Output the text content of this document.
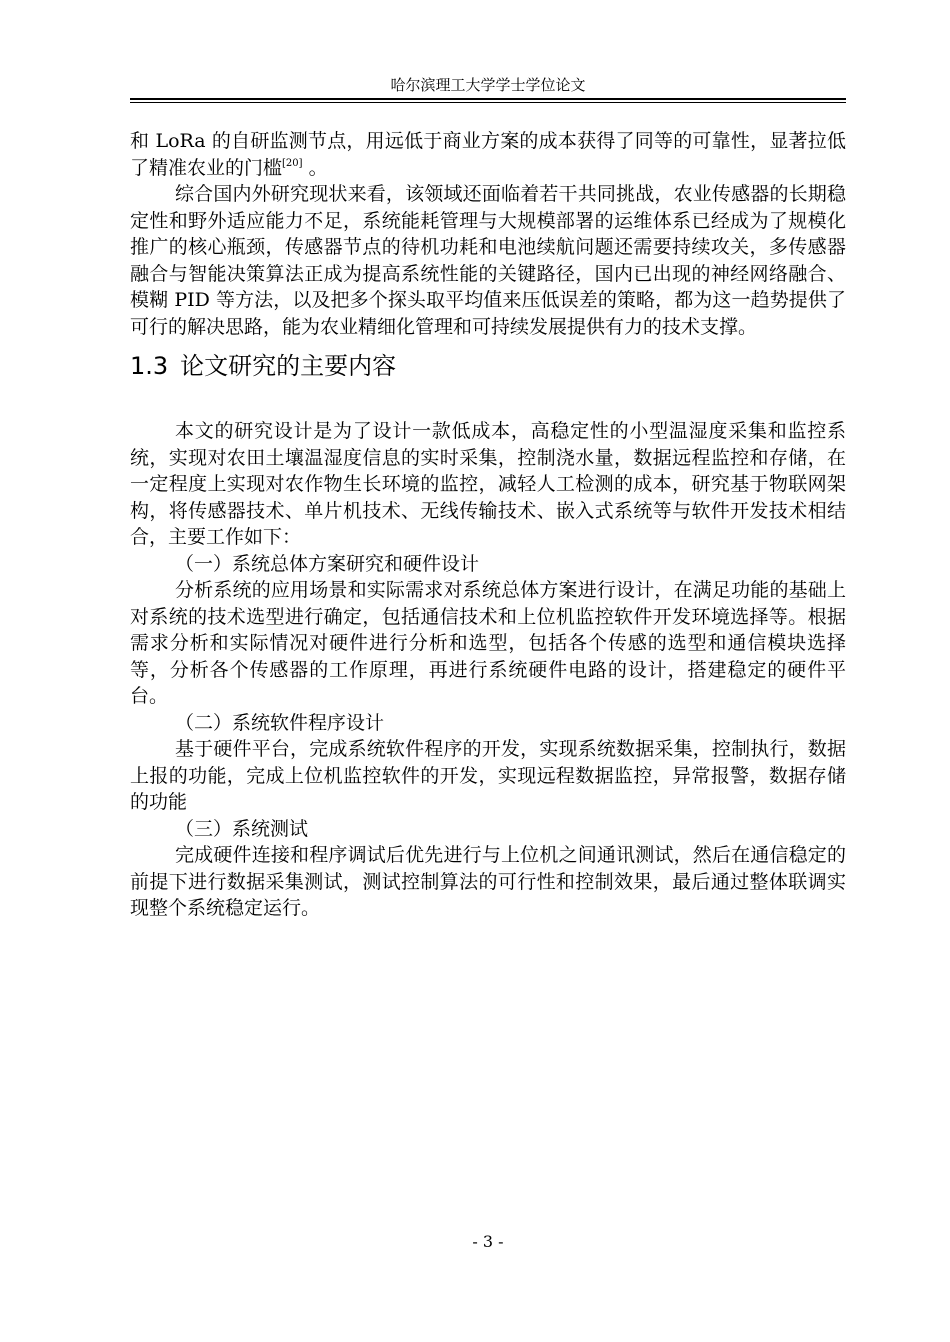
哈尔滨理工大学学士学位论文

和 LoRa 的自研监测节点，用远低于商业方案的成本获得了同等的可靠性，显著拉低了精准农业的门槛[20] 。

综合国内外研究现状来看，该领域还面临着若干共同挑战，农业传感器的长期稳定性和野外适应能力不足，系统能耗管理与大规模部署的运维体系已经成为了规模化推广的核心瓶颈，传感器节点的待机功耗和电池续航问题还需要持续攻关，多传感器融合与智能决策算法正成为提高系统性能的关键路径，国内已出现的神经网络融合、模糊 PID 等方法，以及把多个探头取平均值来压低误差的策略，都为这一趋势提供了可行的解决思路，能为农业精细化管理和可持续发展提供有力的技术支撑。

1.3 论文研究的主要内容

本文的研究设计是为了设计一款低成本，高稳定性的小型温湿度采集和监控系统，实现对农田土壤温湿度信息的实时采集，控制浇水量，数据远程监控和存储，在一定程度上实现对农作物生长环境的监控，减轻人工检测的成本，研究基于物联网架构，将传感器技术、单片机技术、无线传输技术、嵌入式系统等与软件开发技术相结合，主要工作如下：

（一）系统总体方案研究和硬件设计

分析系统的应用场景和实际需求对系统总体方案进行设计，在满足功能的基础上对系统的技术选型进行确定，包括通信技术和上位机监控软件开发环境选择等。根据需求分析和实际情况对硬件进行分析和选型，包括各个传感的选型和通信模块选择等，分析各个传感器的工作原理，再进行系统硬件电路的设计，搭建稳定的硬件平台。

（二）系统软件程序设计

基于硬件平台，完成系统软件程序的开发，实现系统数据采集，控制执行，数据上报的功能，完成上位机监控软件的开发，实现远程数据监控，异常报警，数据存储的功能

（三）系统测试

完成硬件连接和程序调试后优先进行与上位机之间通讯测试，然后在通信稳定的前提下进行数据采集测试，测试控制算法的可行性和控制效果，最后通过整体联调实现整个系统稳定运行。

- 3 -
